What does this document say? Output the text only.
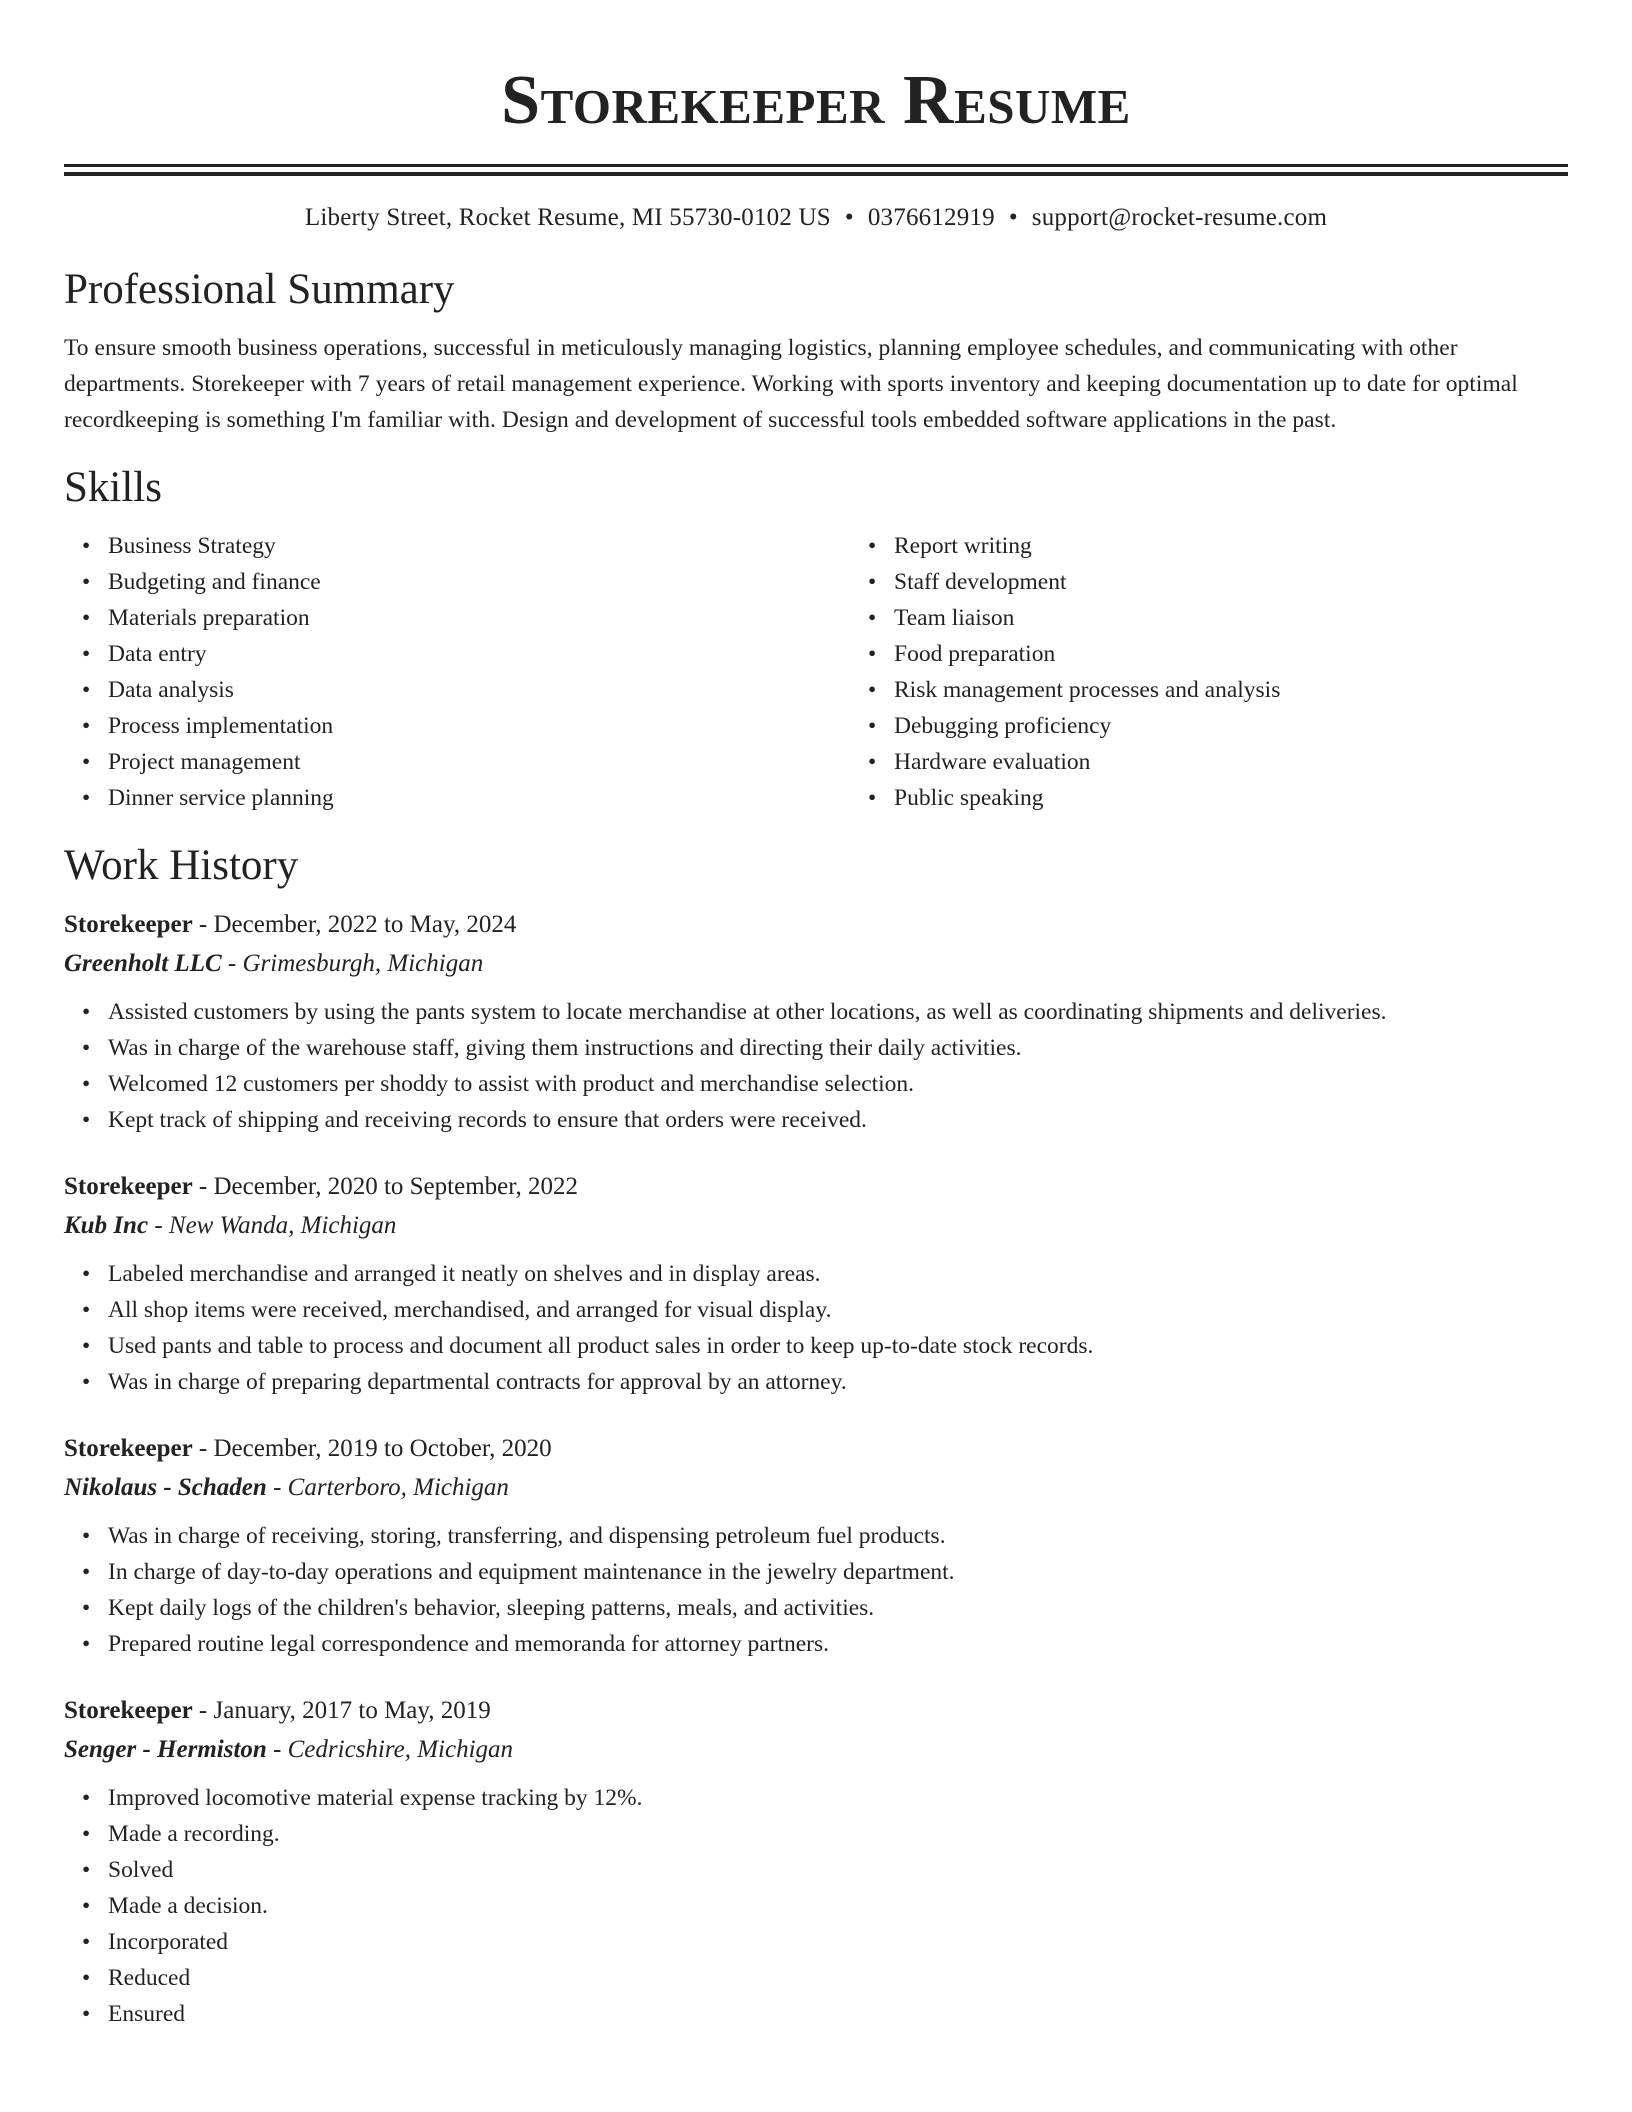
Storekeeper Resume
Liberty Street, Rocket Resume, MI 55730-0102 US • 0376612919 • support@rocket-resume.com
Professional Summary
To ensure smooth business operations, successful in meticulously managing logistics, planning employee schedules, and communicating with other departments. Storekeeper with 7 years of retail management experience. Working with sports inventory and keeping documentation up to date for optimal recordkeeping is something I'm familiar with. Design and development of successful tools embedded software applications in the past.
Skills
• Business Strategy
• Budgeting and finance
• Materials preparation
• Data entry
• Data analysis
• Process implementation
• Project management
• Dinner service planning
• Report writing
• Staff development
• Team liaison
• Food preparation
• Risk management processes and analysis
• Debugging proficiency
• Hardware evaluation
• Public speaking
Work History
Storekeeper - December, 2022 to May, 2024
Greenholt LLC - Grimesburgh, Michigan
• Assisted customers by using the pants system to locate merchandise at other locations, as well as coordinating shipments and deliveries.
• Was in charge of the warehouse staff, giving them instructions and directing their daily activities.
• Welcomed 12 customers per shoddy to assist with product and merchandise selection.
• Kept track of shipping and receiving records to ensure that orders were received.
Storekeeper - December, 2020 to September, 2022
Kub Inc - New Wanda, Michigan
• Labeled merchandise and arranged it neatly on shelves and in display areas.
• All shop items were received, merchandised, and arranged for visual display.
• Used pants and table to process and document all product sales in order to keep up-to-date stock records.
• Was in charge of preparing departmental contracts for approval by an attorney.
Storekeeper - December, 2019 to October, 2020
Nikolaus - Schaden - Carterboro, Michigan
• Was in charge of receiving, storing, transferring, and dispensing petroleum fuel products.
• In charge of day-to-day operations and equipment maintenance in the jewelry department.
• Kept daily logs of the children's behavior, sleeping patterns, meals, and activities.
• Prepared routine legal correspondence and memoranda for attorney partners.
Storekeeper - January, 2017 to May, 2019
Senger - Hermiston - Cedricshire, Michigan
• Improved locomotive material expense tracking by 12%.
• Made a recording.
• Solved
• Made a decision.
• Incorporated
• Reduced
• Ensured
